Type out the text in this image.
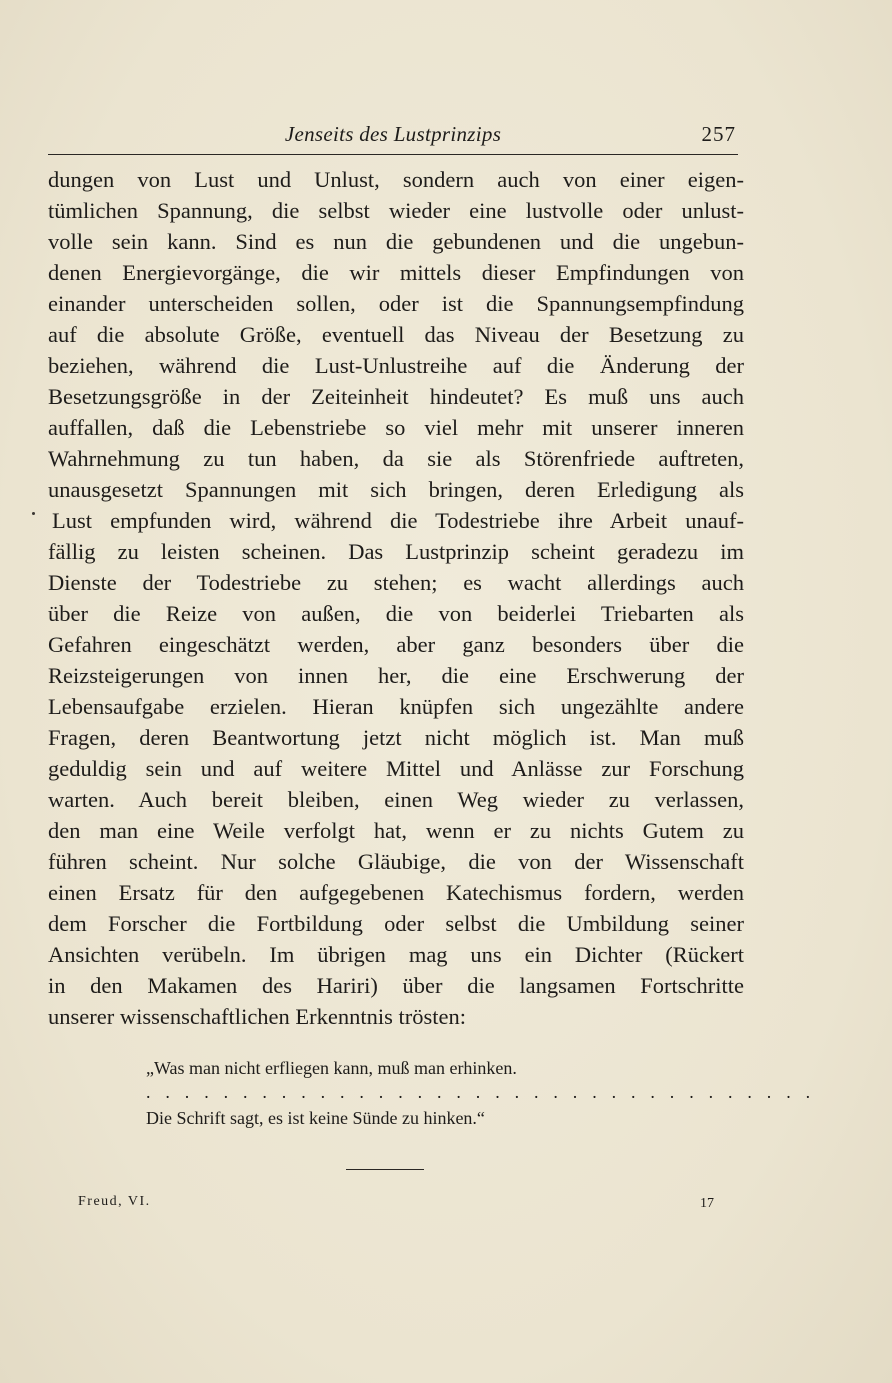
Jenseits des Lustprinzips	257
dungen von Lust und Unlust, sondern auch von einer eigen-
tümlichen Spannung, die selbst wieder eine lustvolle oder unlust-
volle sein kann. Sind es nun die gebundenen und die ungebun-
denen Energievorgänge, die wir mittels dieser Empfindungen von
einander unterscheiden sollen, oder ist die Spannungsempfindung
auf die absolute Größe, eventuell das Niveau der Besetzung zu
beziehen, während die Lust-Unlustreihe auf die Änderung der
Besetzungsgröße in der Zeiteinheit hindeutet? Es muß uns auch
auffallen, daß die Lebenstriebe so viel mehr mit unserer inneren
Wahrnehmung zu tun haben, da sie als Störenfriede auftreten,
unausgesetzt Spannungen mit sich bringen, deren Erledigung als
Lust empfunden wird, während die Todestriebe ihre Arbeit unauf-
fällig zu leisten scheinen. Das Lustprinzip scheint geradezu im
Dienste der Todestriebe zu stehen; es wacht allerdings auch
über die Reize von außen, die von beiderlei Triebarten als
Gefahren eingeschätzt werden, aber ganz besonders über die
Reizsteigerungen von innen her, die eine Erschwerung der
Lebensaufgabe erzielen. Hieran knüpfen sich ungezählte andere
Fragen, deren Beantwortung jetzt nicht möglich ist. Man muß
geduldig sein und auf weitere Mittel und Anlässe zur Forschung
warten. Auch bereit bleiben, einen Weg wieder zu verlassen,
den man eine Weile verfolgt hat, wenn er zu nichts Gutem zu
führen scheint. Nur solche Gläubige, die von der Wissenschaft
einen Ersatz für den aufgegebenen Katechismus fordern, werden
dem Forscher die Fortbildung oder selbst die Umbildung seiner
Ansichten verübeln. Im übrigen mag uns ein Dichter (Rückert
in den Makamen des Hariri) über die langsamen Fortschritte
unserer wissenschaftlichen Erkenntnis trösten:
„Was man nicht erfliegen kann, muß man erhinken.
. . . . . . . . . . . . . . . . . . . . . . . . . . . . . . . . . . .
Die Schrift sagt, es ist keine Sünde zu hinken.“
Freud, VI.	17
